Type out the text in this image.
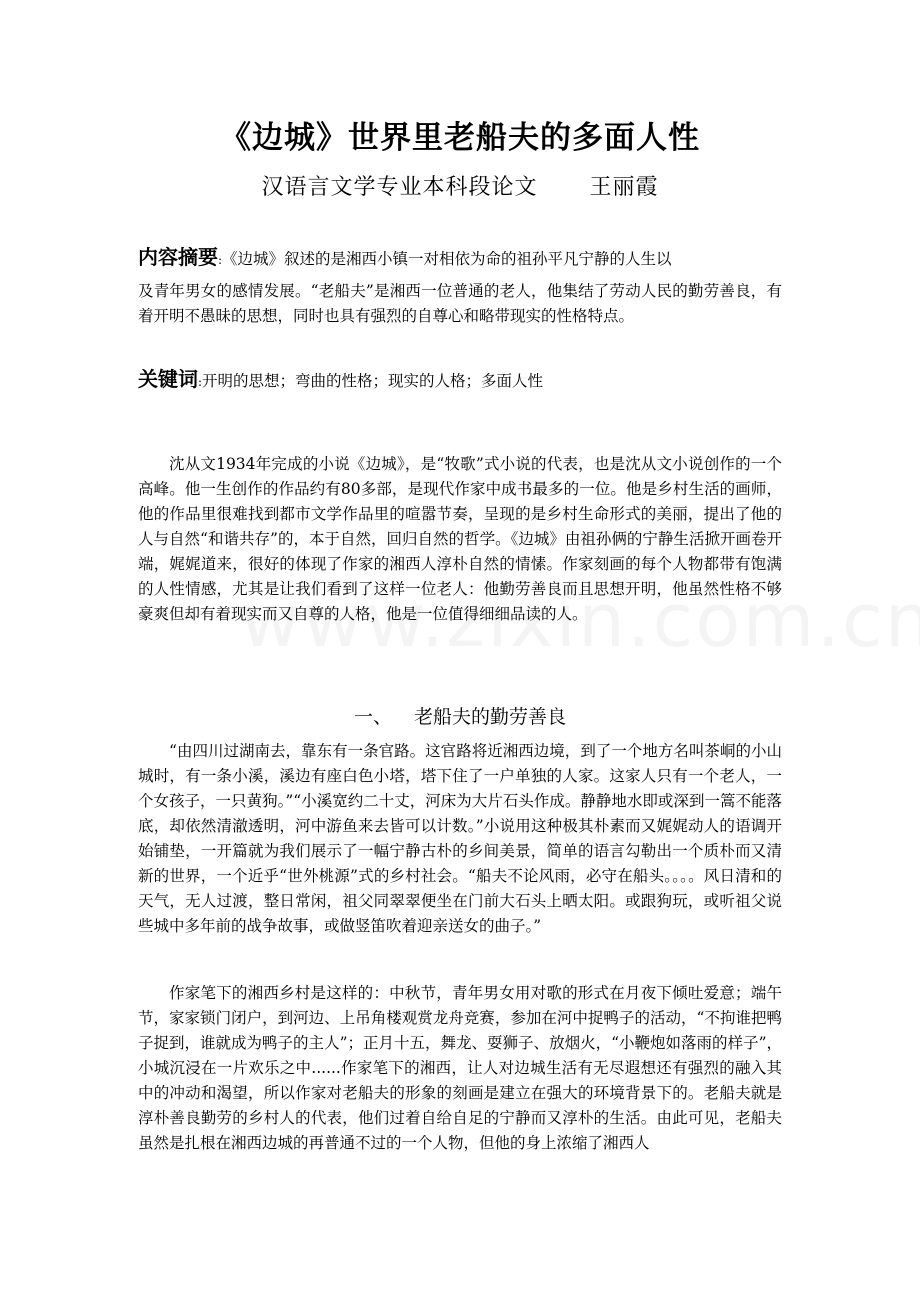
《边城》世界里老船夫的多面人性
汉语言文学专业本科段论文 王丽霞
内容摘要:《边城》叙述的是湘西小镇一对相依为命的祖孙平凡宁静的人生以
及青年男女的感情发展。“老船夫”是湘西一位普通的老人，他集结了劳动人民的勤劳善良，有着开明不愚昧的思想，同时也具有强烈的自尊心和略带现实的性格特点。
关键词:开明的思想；弯曲的性格；现实的人格；多面人性

沈从文1934年完成的小说《边城》，是“牧歌”式小说的代表，也是沈从文小说创作的一个高峰。他一生创作的作品约有80多部，是现代作家中成书最多的一位。他是乡村生活的画师，他的作品里很难找到都市文学作品里的喧嚣节奏，呈现的是乡村生命形式的美丽，提出了他的人与自然“和谐共存”的，本于自然，回归自然的哲学。《边城》由祖孙俩的宁静生活掀开画卷开端，娓娓道来，很好的体现了作家的湘西人淳朴自然的情愫。作家刻画的每个人物都带有饱满的人性情感，尤其是让我们看到了这样一位老人：他勤劳善良而且思想开明，他虽然性格不够豪爽但却有着现实而又自尊的人格，他是一位值得细细品读的人。

一、 老船夫的勤劳善良

“由四川过湖南去，靠东有一条官路。这官路将近湘西边境，到了一个地方名叫茶峒的小山城时，有一条小溪，溪边有座白色小塔，塔下住了一户单独的人家。这家人只有一个老人，一个女孩子，一只黄狗。”“小溪宽约二十丈，河床为大片石头作成。静静地水即或深到一篙不能落底，却依然清澈透明，河中游鱼来去皆可以计数。”小说用这种极其朴素而又娓娓动人的语调开始铺垫，一开篇就为我们展示了一幅宁静古朴的乡间美景，简单的语言勾勒出一个质朴而又清新的世界，一个近乎“世外桃源”式的乡村社会。“船夫不论风雨，必守在船头。。。。风日清和的天气，无人过渡，整日常闲，祖父同翠翠便坐在门前大石头上晒太阳。或跟狗玩，或听祖父说些城中多年前的战争故事，或做竖笛吹着迎亲送女的曲子。”

作家笔下的湘西乡村是这样的：中秋节，青年男女用对歌的形式在月夜下倾吐爱意；端午节，家家锁门闭户，到河边、上吊角楼观赏龙舟竞赛，参加在河中捉鸭子的活动，“不拘谁把鸭子捉到，谁就成为鸭子的主人”；正月十五，舞龙、耍狮子、放烟火，“小鞭炮如落雨的样子”，小城沉浸在一片欢乐之中......作家笔下的湘西，让人对边城生活有无尽遐想还有强烈的融入其中的冲动和渴望，所以作家对老船夫的形象的刻画是建立在强大的环境背景下的。老船夫就是淳朴善良勤劳的乡村人的代表，他们过着自给自足的宁静而又淳朴的生活。由此可见，老船夫虽然是扎根在湘西边城的再普通不过的一个人物，但他的身上浓缩了湘西人
